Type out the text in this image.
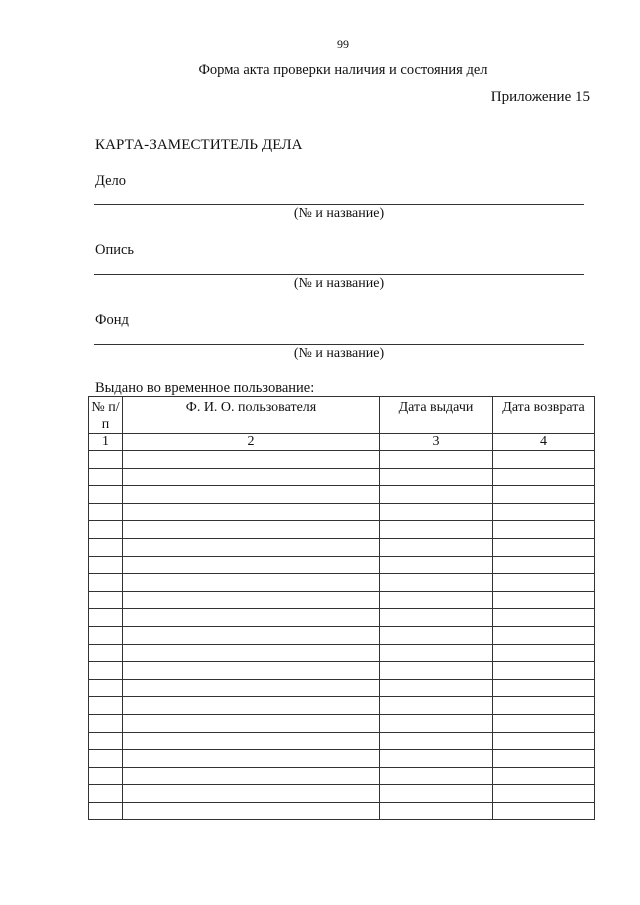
99
Форма акта проверки наличия и состояния дел
Приложение 15
КАРТА-ЗАМЕСТИТЕЛЬ ДЕЛА
Дело
(№ и название)
Опись
(№ и название)
Фонд
(№ и название)
Выдано во временное пользование:
№ п/п	Ф. И. О. пользователя	Дата выдачи	Дата возврата
1	2	3	4
